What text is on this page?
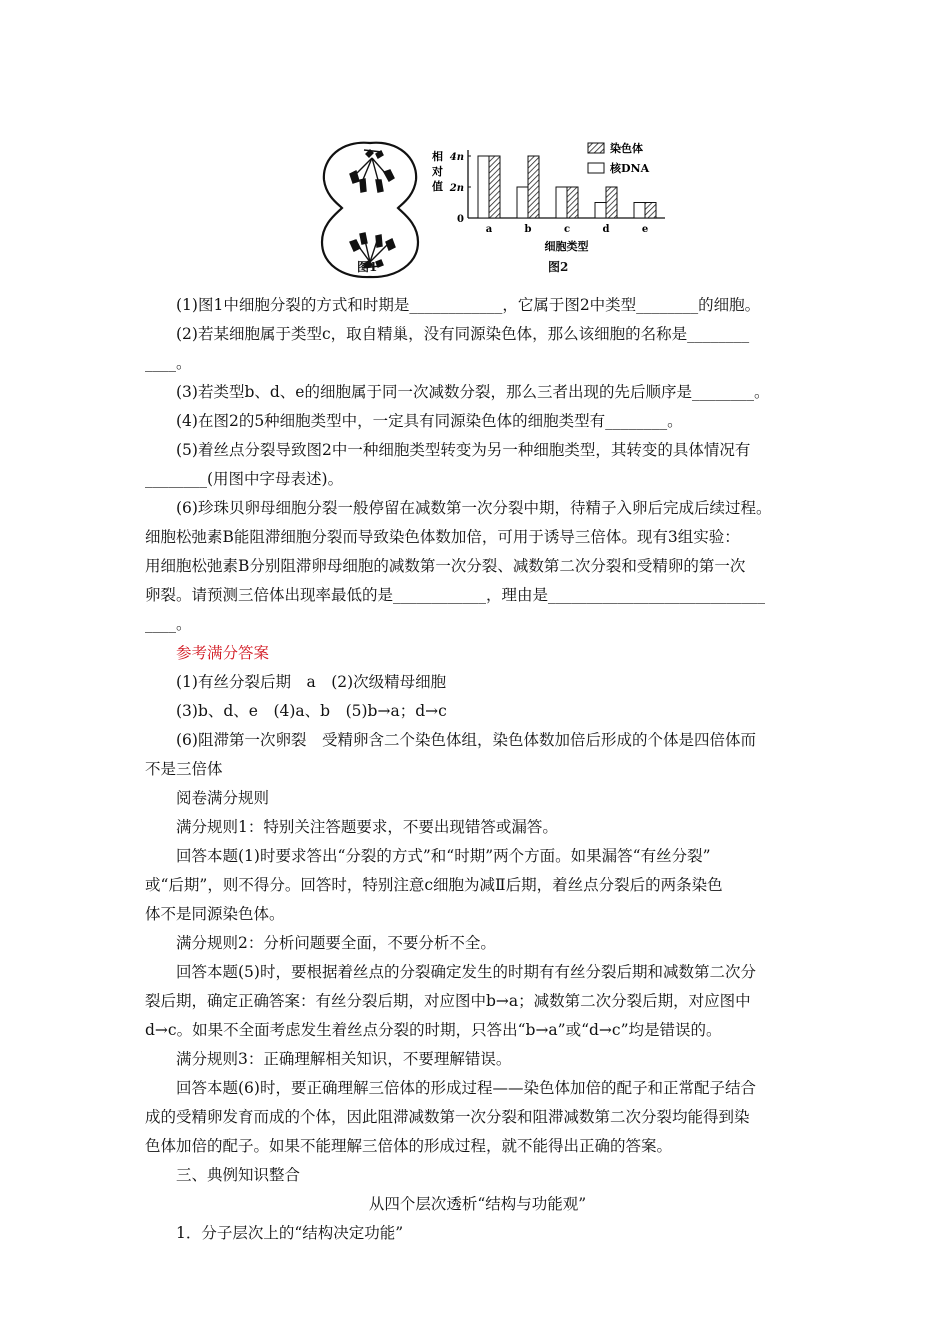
相
对
值
4n
2n
0
a	b	c	d	e
细胞类型
染色体
核DNA
图1	图2
(1)图1中细胞分裂的方式和时期是____________，它属于图2中类型________的细胞。
(2)若某细胞属于类型c，取自精巢，没有同源染色体，那么该细胞的名称是________
____。
(3)若类型b、d、e的细胞属于同一次减数分裂，那么三者出现的先后顺序是________。
(4)在图2的5种细胞类型中，一定具有同源染色体的细胞类型有________。
(5)着丝点分裂导致图2中一种细胞类型转变为另一种细胞类型，其转变的具体情况有
________(用图中字母表述)。
(6)珍珠贝卵母细胞分裂一般停留在减数第一次分裂中期，待精子入卵后完成后续过程。
细胞松弛素B能阻滞细胞分裂而导致染色体数加倍，可用于诱导三倍体。现有3组实验：
用细胞松弛素B分别阻滞卵母细胞的减数第一次分裂、减数第二次分裂和受精卵的第一次
卵裂。请预测三倍体出现率最低的是____________，理由是____________________________
____。
参考满分答案
(1)有丝分裂后期　a　(2)次级精母细胞
(3)b、d、e　(4)a、b　(5)b→a；d→c
(6)阻滞第一次卵裂　受精卵含二个染色体组，染色体数加倍后形成的个体是四倍体而
不是三倍体
阅卷满分规则
满分规则1：特别关注答题要求，不要出现错答或漏答。
回答本题(1)时要求答出“分裂的方式”和“时期”两个方面。如果漏答“有丝分裂”
或“后期”，则不得分。回答时，特别注意c细胞为减Ⅱ后期，着丝点分裂后的两条染色
体不是同源染色体。
满分规则2：分析问题要全面，不要分析不全。
回答本题(5)时，要根据着丝点的分裂确定发生的时期有有丝分裂后期和减数第二次分
裂后期，确定正确答案：有丝分裂后期，对应图中b→a；减数第二次分裂后期，对应图中
d→c。如果不全面考虑发生着丝点分裂的时期，只答出“b→a”或“d→c”均是错误的。
满分规则3：正确理解相关知识，不要理解错误。
回答本题(6)时，要正确理解三倍体的形成过程——染色体加倍的配子和正常配子结合
成的受精卵发育而成的个体，因此阻滞减数第一次分裂和阻滞减数第二次分裂均能得到染
色体加倍的配子。如果不能理解三倍体的形成过程，就不能得出正确的答案。
三、典例知识整合
从四个层次透析“结构与功能观”
1．分子层次上的“结构决定功能”
